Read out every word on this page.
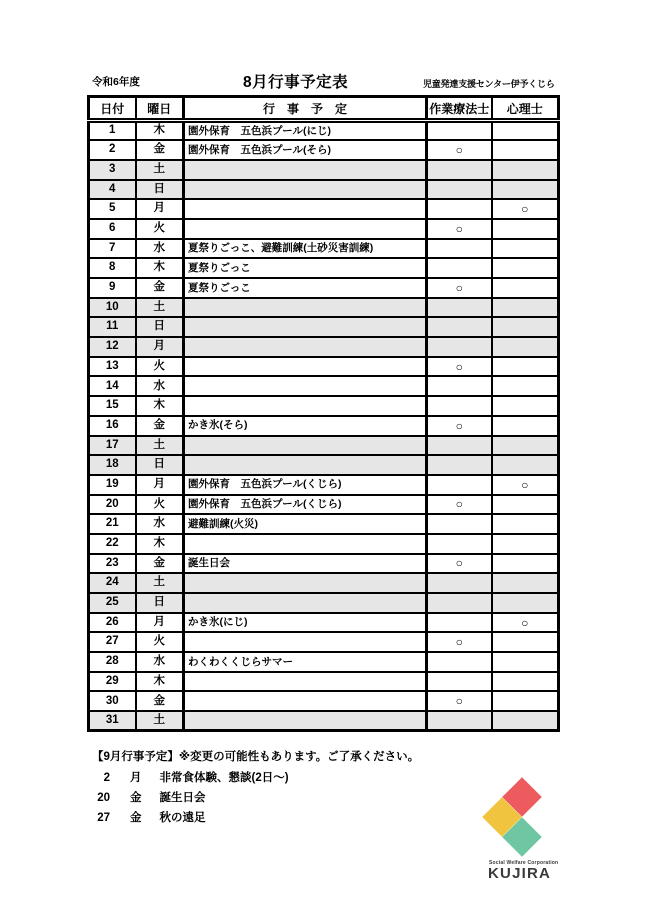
令和6年度	8月行事予定表	児童発達支援センター伊予くじら
日付	曜日	行　事　予　定	作業療法士	心理士
1	木	園外保育　五色浜プール(にじ)		
2	金	園外保育　五色浜プール(そら)	○	
3	土			
4	日			
5	月			○
6	火		○	
7	水	夏祭りごっこ、避難訓練(土砂災害訓練)		
8	木	夏祭りごっこ		
9	金	夏祭りごっこ	○	
10	土			
11	日			
12	月			
13	火		○	
14	水			
15	木			
16	金	かき氷(そら)	○	
17	土			
18	日			
19	月	園外保育　五色浜プール(くじら)		○
20	火	園外保育　五色浜プール(くじら)	○	
21	水	避難訓練(火災)		
22	木			
23	金	誕生日会	○	
24	土			
25	日			
26	月	かき氷(にじ)		○
27	火		○	
28	水	わくわくくじらサマー		
29	木			
30	金		○	
31	土			
【9月行事予定】※変更の可能性もあります。ご了承ください。
2 月 非常食体験、懇談(2日〜)
20 金 誕生日会
27 金 秋の遠足
Social Welfare Corporation
KUJIRA
